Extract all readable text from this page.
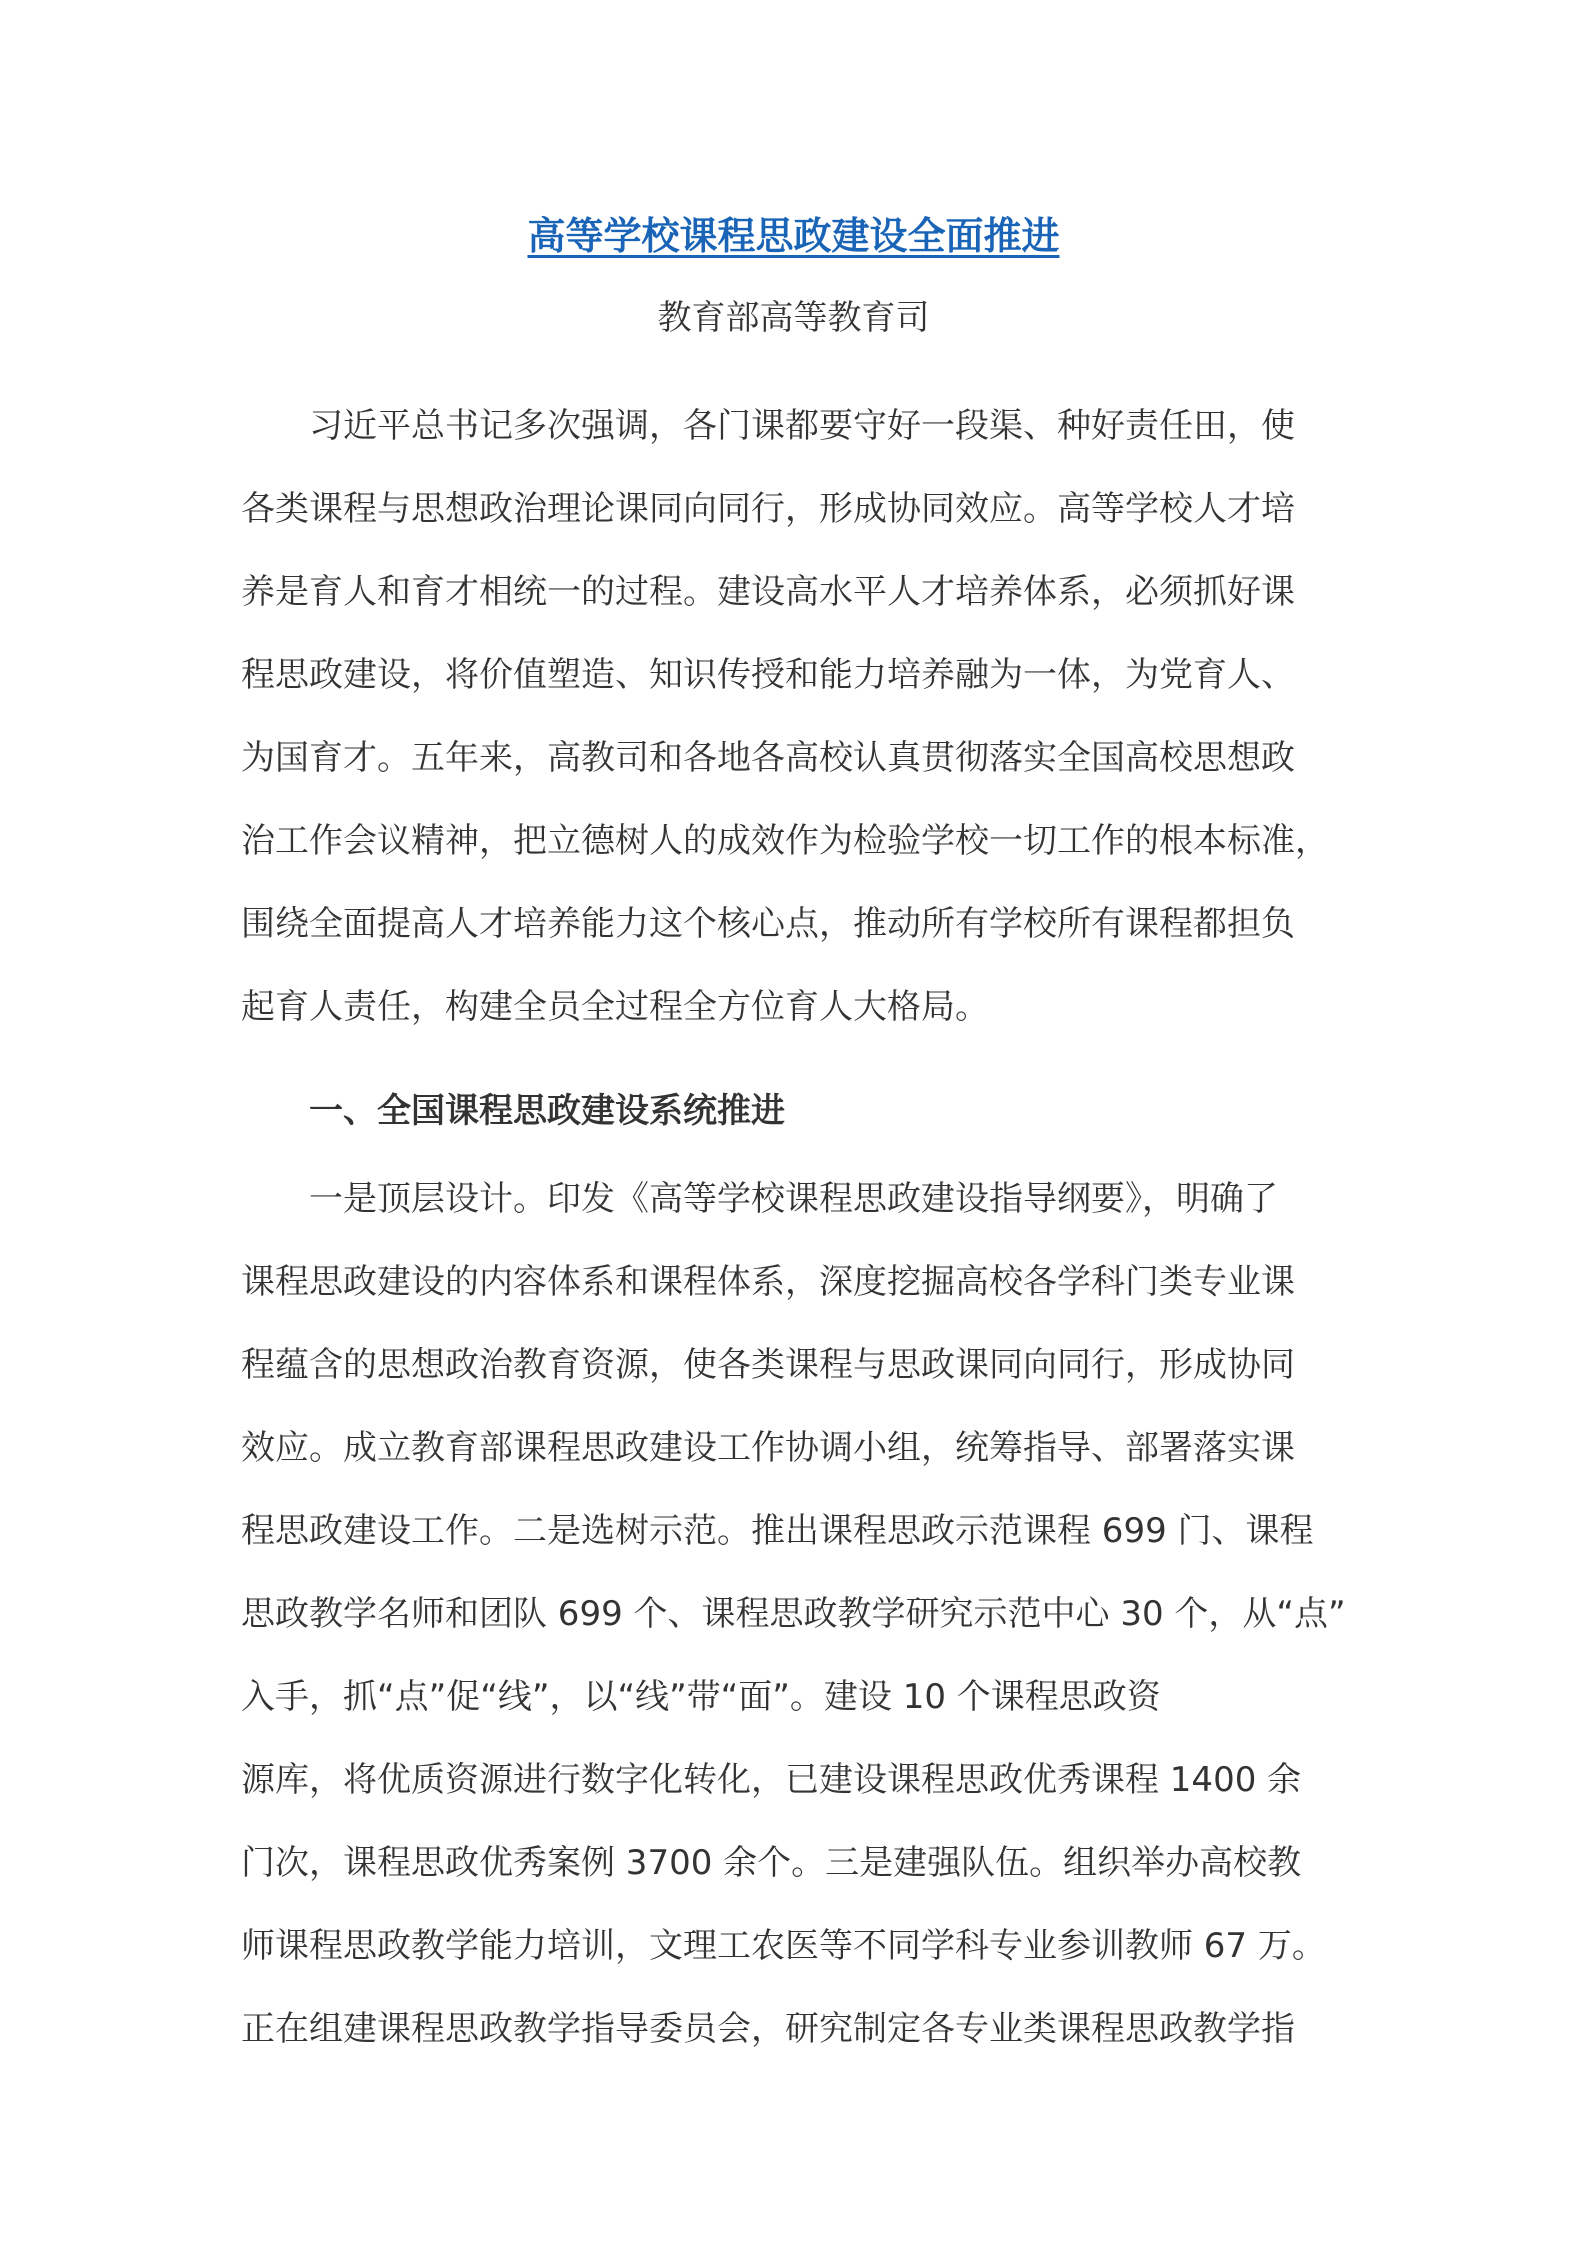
高等学校课程思政建设全面推进

教育部高等教育司

习近平总书记多次强调，各门课都要守好一段渠、种好责任田，使
各类课程与思想政治理论课同向同行，形成协同效应。高等学校人才培
养是育人和育才相统一的过程。建设高水平人才培养体系，必须抓好课
程思政建设，将价值塑造、知识传授和能力培养融为一体，为党育人、
为国育才。五年来，高教司和各地各高校认真贯彻落实全国高校思想政
治工作会议精神，把立德树人的成效作为检验学校一切工作的根本标准，
围绕全面提高人才培养能力这个核心点，推动所有学校所有课程都担负
起育人责任，构建全员全过程全方位育人大格局。
一、全国课程思政建设系统推进
一是顶层设计。印发《高等学校课程思政建设指导纲要》，明确了
课程思政建设的内容体系和课程体系，深度挖掘高校各学科门类专业课
程蕴含的思想政治教育资源，使各类课程与思政课同向同行，形成协同
效应。成立教育部课程思政建设工作协调小组，统筹指导、部署落实课
程思政建设工作。二是选树示范。推出课程思政示范课程 699 门、课程
思政教学名师和团队 699 个、课程思政教学研究示范中心 30 个，从“点”
入手，抓“点”促“线”，以“线”带“面”。建设 10 个课程思政资
源库，将优质资源进行数字化转化，已建设课程思政优秀课程 1400 余
门次，课程思政优秀案例 3700 余个。三是建强队伍。组织举办高校教
师课程思政教学能力培训，文理工农医等不同学科专业参训教师 67 万。
正在组建课程思政教学指导委员会，研究制定各专业类课程思政教学指
